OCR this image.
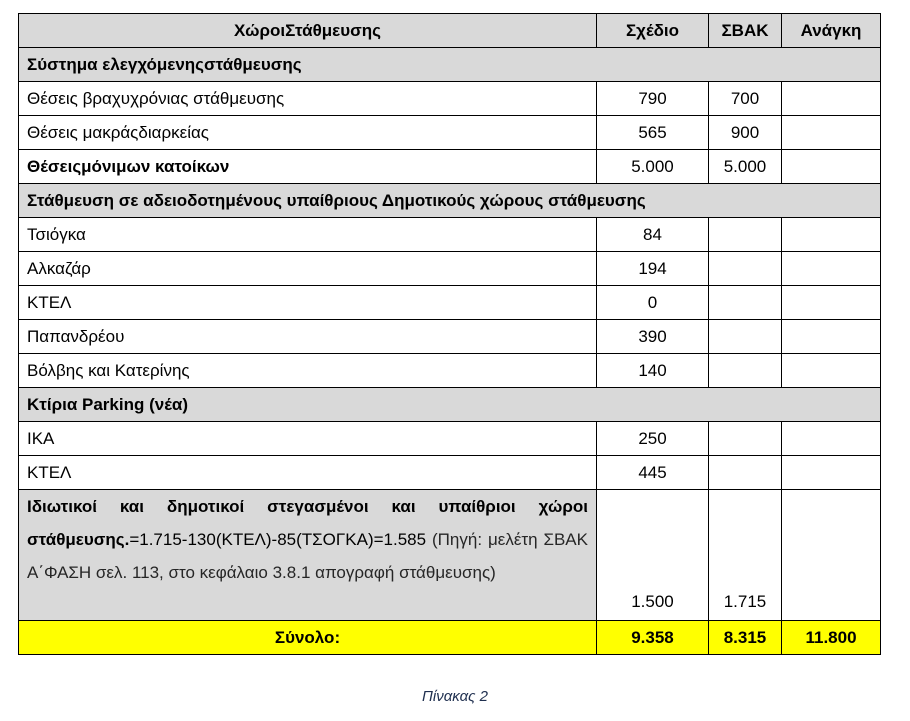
ΧώροιΣτάθμευσης	Σχέδιο	ΣΒΑΚ	Ανάγκη
Σύστημα ελεγχόμενηςστάθμευσης			
Θέσεις βραχυχρόνιας στάθμευσης	790	700	
Θέσεις μακράςδιαρκείας	565	900	
Θέσειςμόνιμων κατοίκων	5.000	5.000	
Στάθμευση σε αδειοδοτημένους υπαίθριους Δημοτικούς χώρους στάθμευσης			
Τσιόγκα	84		
Αλκαζάρ	194		
ΚΤΕΛ	0		
Παπανδρέου	390		
Βόλβης και Κατερίνης	140		
Κτίρια Parking (νέα)			
ΙΚΑ	250		
ΚΤΕΛ	445		
Ιδιωτικοί και δημοτικοί στεγασμένοι και υπαίθριοι χώροι στάθμευσης.=1.715-130(ΚΤΕΛ)-85(ΤΣΟΓΚΑ)=1.585 (Πηγή: μελέτη ΣΒΑΚ Α΄ΦΑΣΗ σελ. 113, στο κεφάλαιο 3.8.1 απογραφή στάθμευσης)	1.500	1.715	
Σύνολο:	9.358	8.315	11.800
Πίνακας 2
